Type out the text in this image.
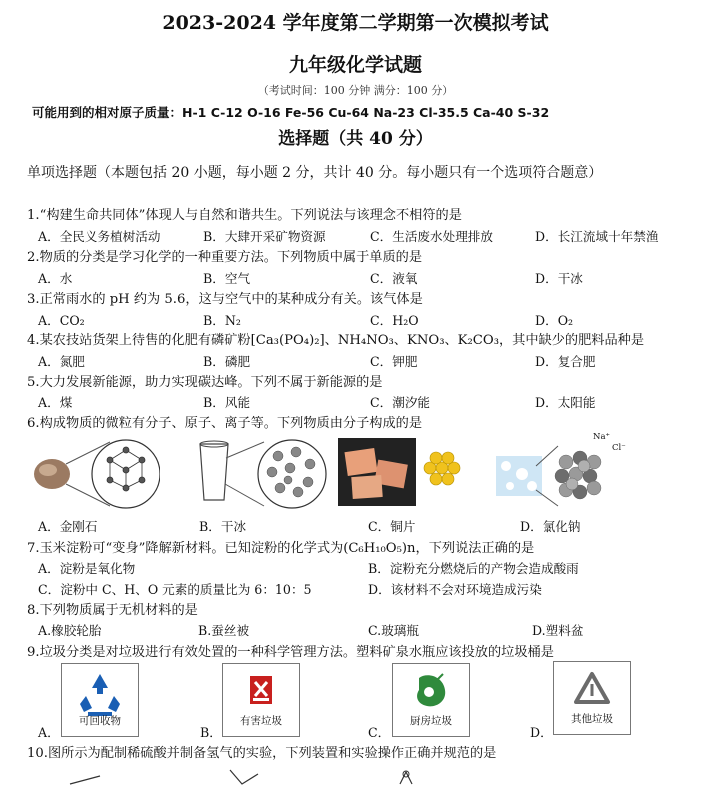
2023-2024 学年度第二学期第一次模拟考试
九年级化学试题
（考试时间：100 分钟 满分：100 分）
可能用到的相对原子质量：H-1 C-12 O-16 Fe-56 Cu-64 Na-23 Cl-35.5 Ca-40 S-32
选择题（共 40 分）
单项选择题（本题包括 20 小题，每小题 2 分，共计 40 分。每小题只有一个选项符合题意）
1.“构建生命共同体”体现人与自然和谐共生。下列说法与该理念不相符的是
A．全民义务植树活动	B．大肆开采矿物资源	C．生活废水处理排放	D．长江流域十年禁渔
2.物质的分类是学习化学的一种重要方法。下列物质中属于单质的是
A．水	B．空气	C．液氧	D．干冰
3.正常雨水的 pH 约为 5.6，这与空气中的某种成分有关。该气体是
A．CO₂	B．N₂	C．H₂O	D．O₂
4.某农技站货架上待售的化肥有磷矿粉[Ca₃(PO₄)₂]、NH₄NO₃、KNO₃、K₂CO₃，其中缺少的肥料品种是
A．氮肥	B．磷肥	C．钾肥	D．复合肥
5.大力发展新能源，助力实现碳达峰。下列不属于新能源的是
A．煤	B．风能	C．潮汐能	D．太阳能
6.构成物质的微粒有分子、原子、离子等。下列物质由分子构成的是
Na⁺
Cl⁻
A．金刚石	B．干冰	C．铜片	D．氯化钠
7.玉米淀粉可“变身”降解新材料。已知淀粉的化学式为(C₆H₁₀O₅)n，下列说法正确的是
A．淀粉是氧化物	B．淀粉充分燃烧后的产物会造成酸雨
C．淀粉中 C、H、O 元素的质量比为 6：10：5	D．该材料不会对环境造成污染
8.下列物质属于无机材料的是
A.橡胶轮胎	B.蚕丝被	C.玻璃瓶	D.塑料盆
9.垃圾分类是对垃圾进行有效处置的一种科学管理方法。塑料矿泉水瓶应该投放的垃圾桶是
可回收物	有害垃圾	厨房垃圾	其他垃圾
A．	B．	C．	D．
10.图所示为配制稀硫酸并制备氢气的实验，下列装置和实验操作正确并规范的是
